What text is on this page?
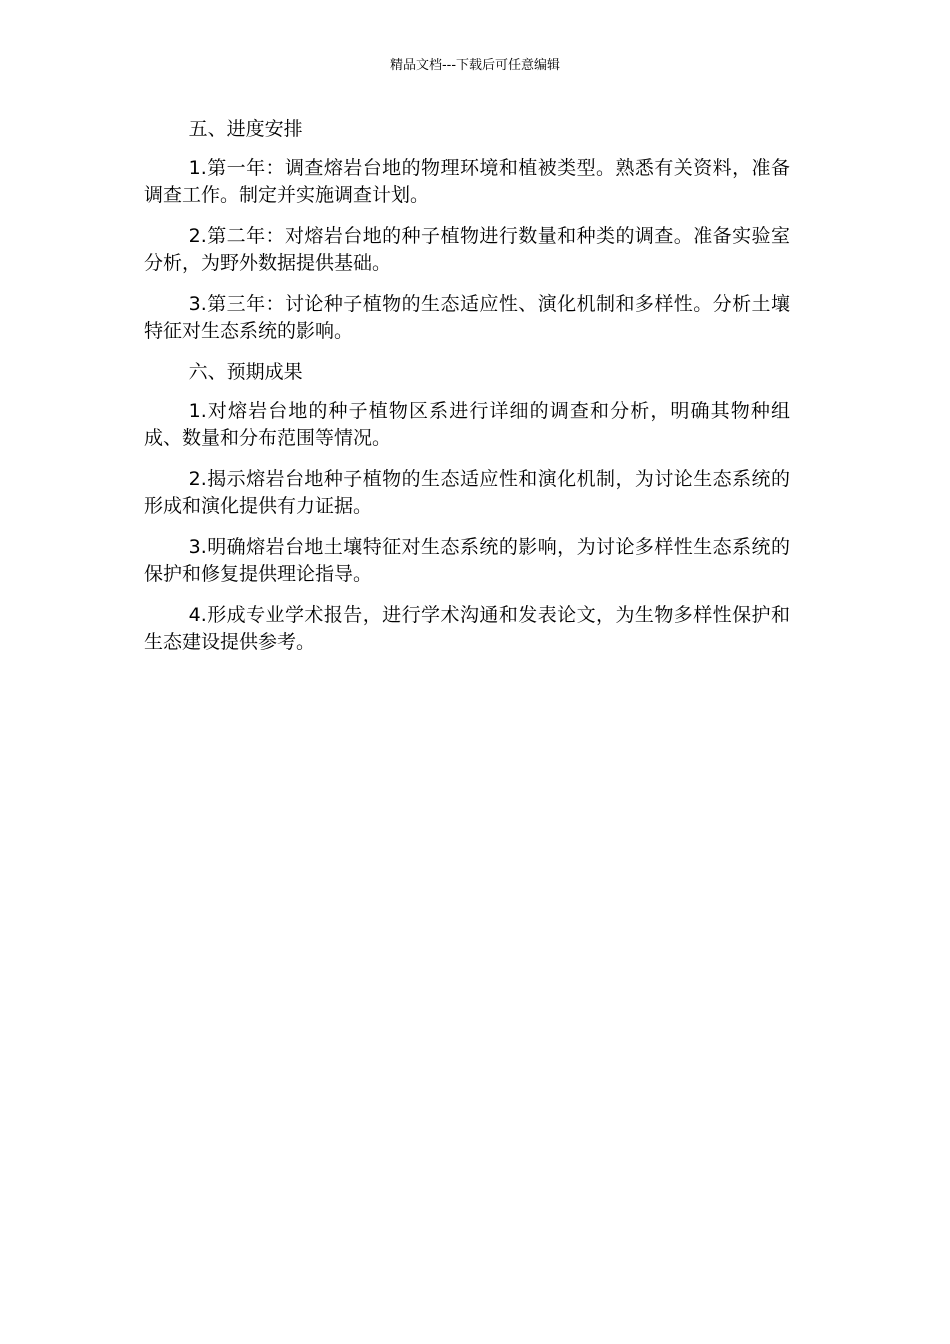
精品文档---下载后可任意编辑

五、进度安排

1.第一年：调查熔岩台地的物理环境和植被类型。熟悉有关资料，准备调查工作。制定并实施调查计划。

2.第二年：对熔岩台地的种子植物进行数量和种类的调查。准备实验室分析，为野外数据提供基础。

3.第三年：讨论种子植物的生态适应性、演化机制和多样性。分析土壤特征对生态系统的影响。

六、预期成果

1.对熔岩台地的种子植物区系进行详细的调查和分析，明确其物种组成、数量和分布范围等情况。

2.揭示熔岩台地种子植物的生态适应性和演化机制，为讨论生态系统的形成和演化提供有力证据。

3.明确熔岩台地土壤特征对生态系统的影响，为讨论多样性生态系统的保护和修复提供理论指导。

4.形成专业学术报告，进行学术沟通和发表论文，为生物多样性保护和生态建设提供参考。
